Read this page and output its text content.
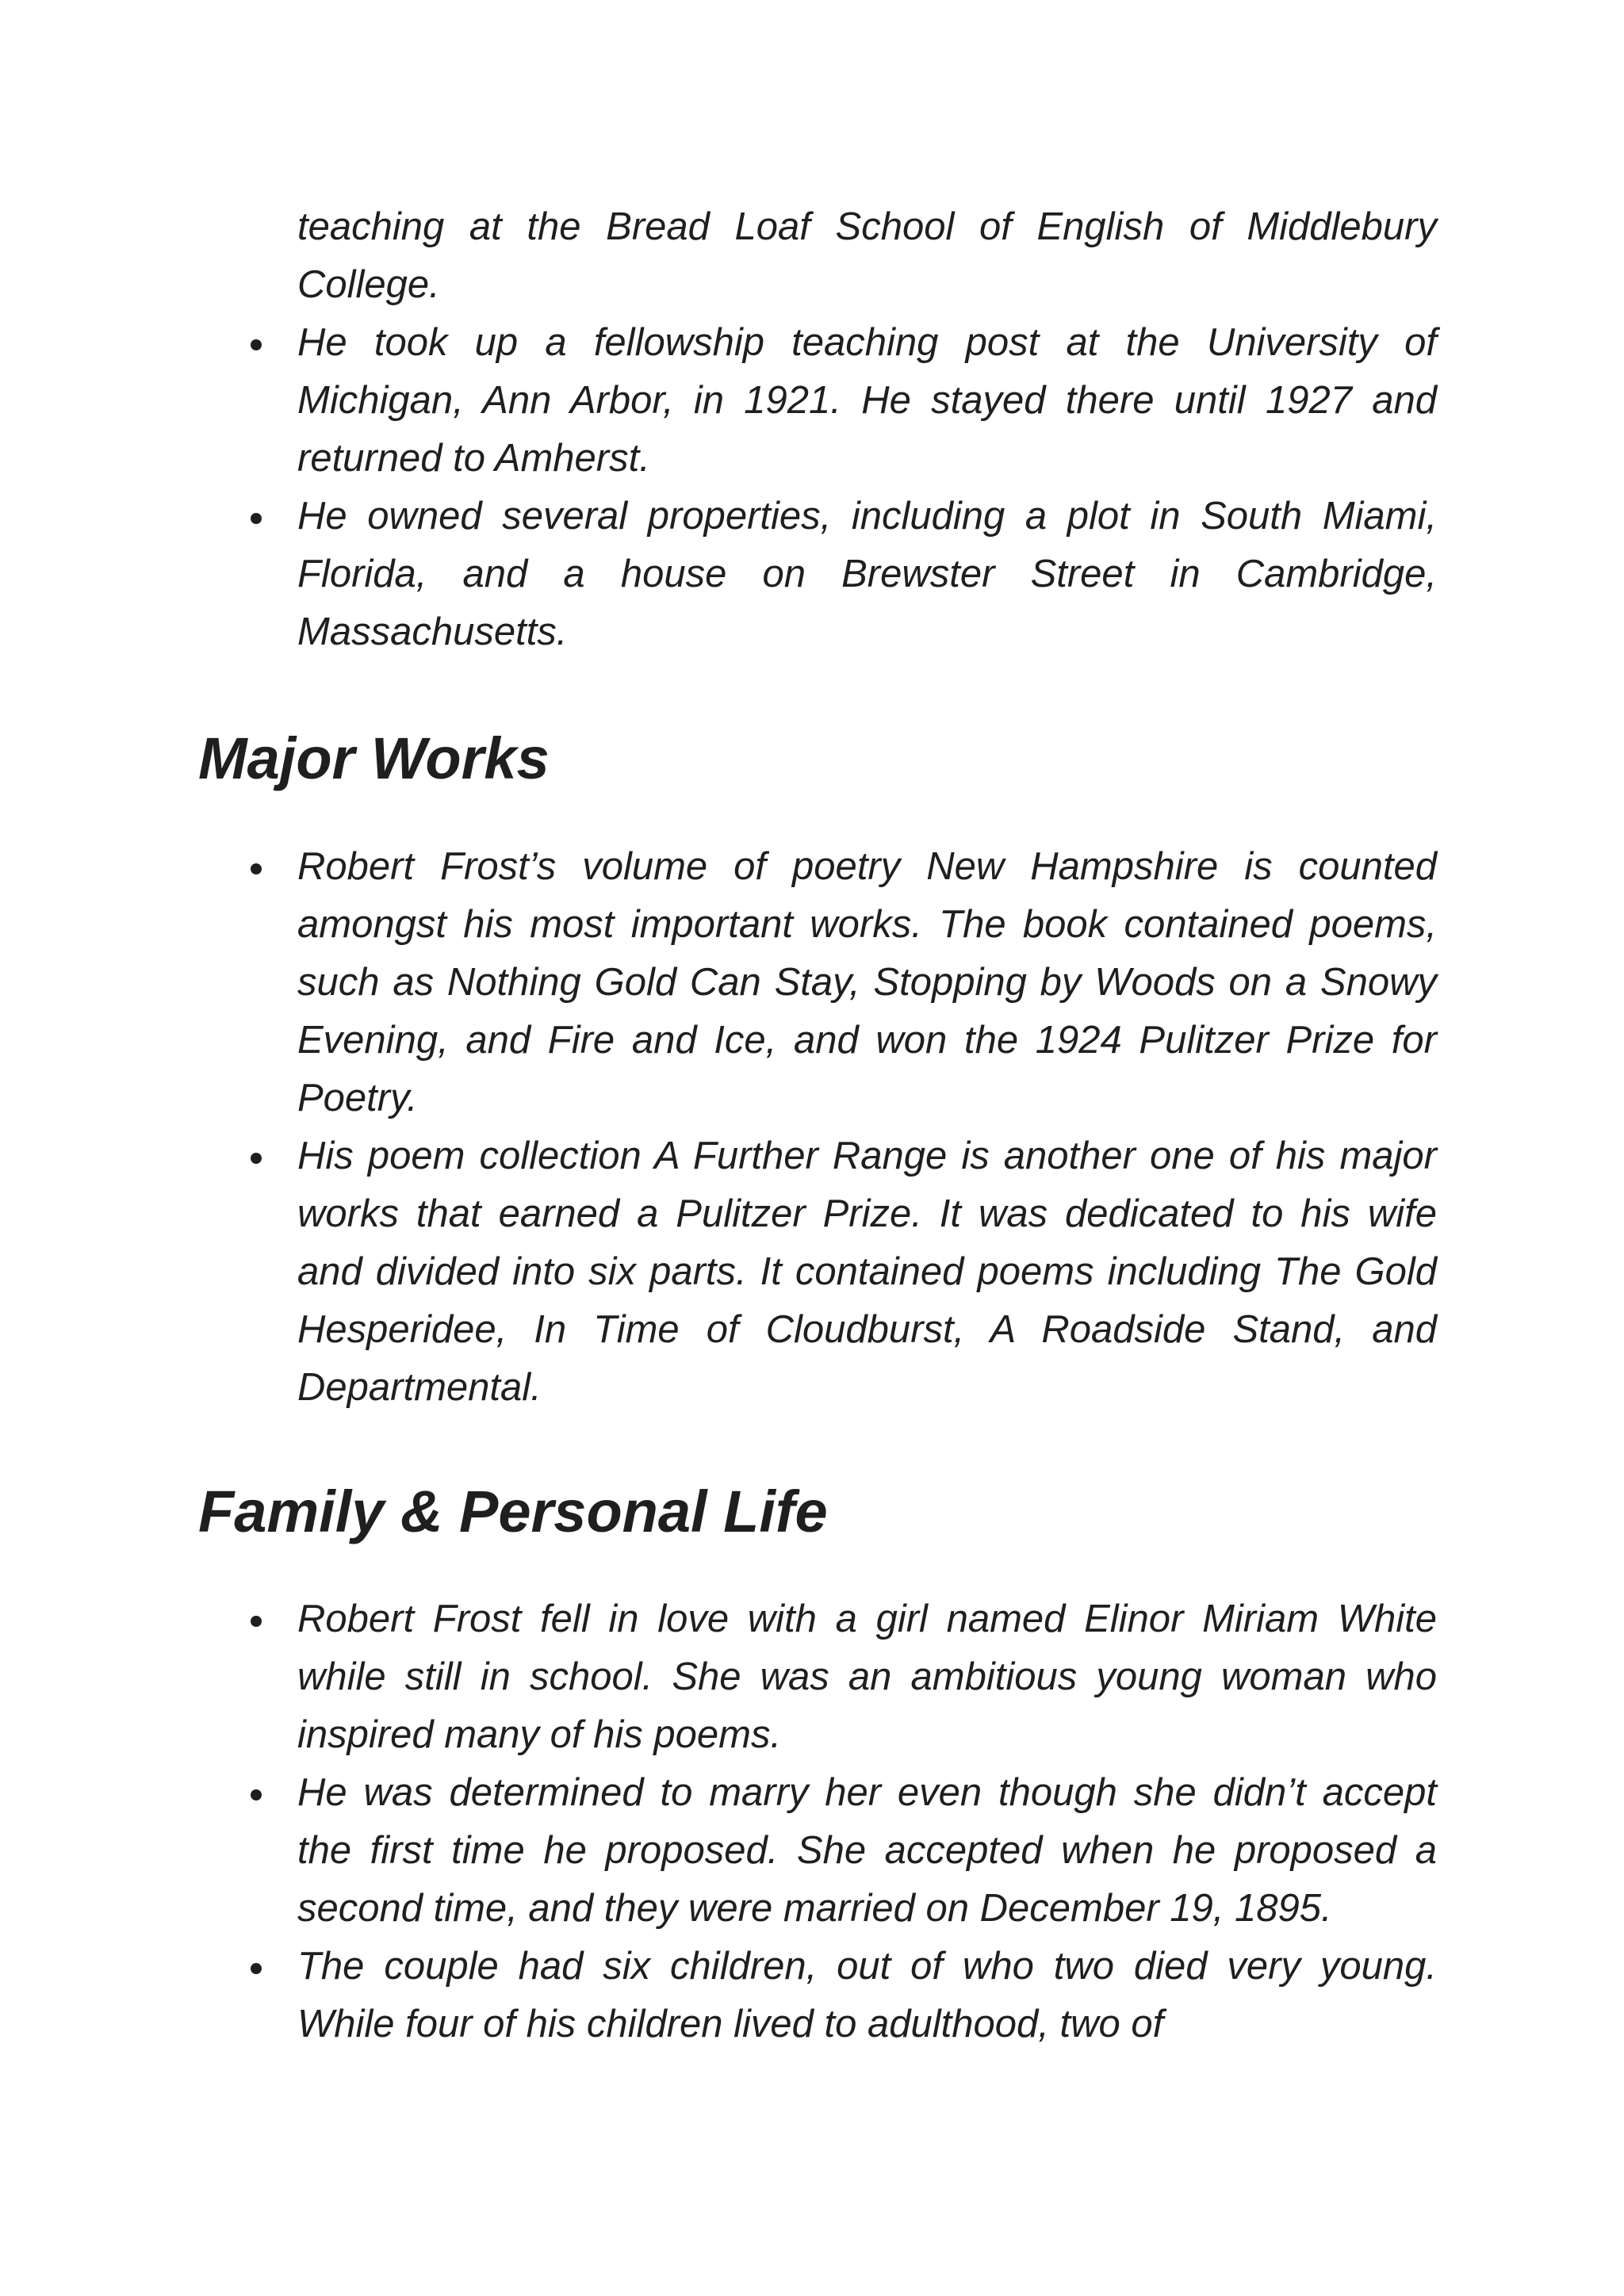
teaching at the Bread Loaf School of English of Middlebury College.
He took up a fellowship teaching post at the University of Michigan, Ann Arbor, in 1921. He stayed there until 1927 and returned to Amherst.
He owned several properties, including a plot in South Miami, Florida, and a house on Brewster Street in Cambridge, Massachusetts.
Major Works
Robert Frost’s volume of poetry New Hampshire is counted amongst his most important works. The book contained poems, such as Nothing Gold Can Stay, Stopping by Woods on a Snowy Evening, and Fire and Ice, and won the 1924 Pulitzer Prize for Poetry.
His poem collection A Further Range is another one of his major works that earned a Pulitzer Prize. It was dedicated to his wife and divided into six parts. It contained poems including The Gold Hesperidee, In Time of Cloudburst, A Roadside Stand, and Departmental.
Family & Personal Life
Robert Frost fell in love with a girl named Elinor Miriam White while still in school. She was an ambitious young woman who inspired many of his poems.
He was determined to marry her even though she didn’t accept the first time he proposed. She accepted when he proposed a second time, and they were married on December 19, 1895.
The couple had six children, out of who two died very young. While four of his children lived to adulthood, two of
